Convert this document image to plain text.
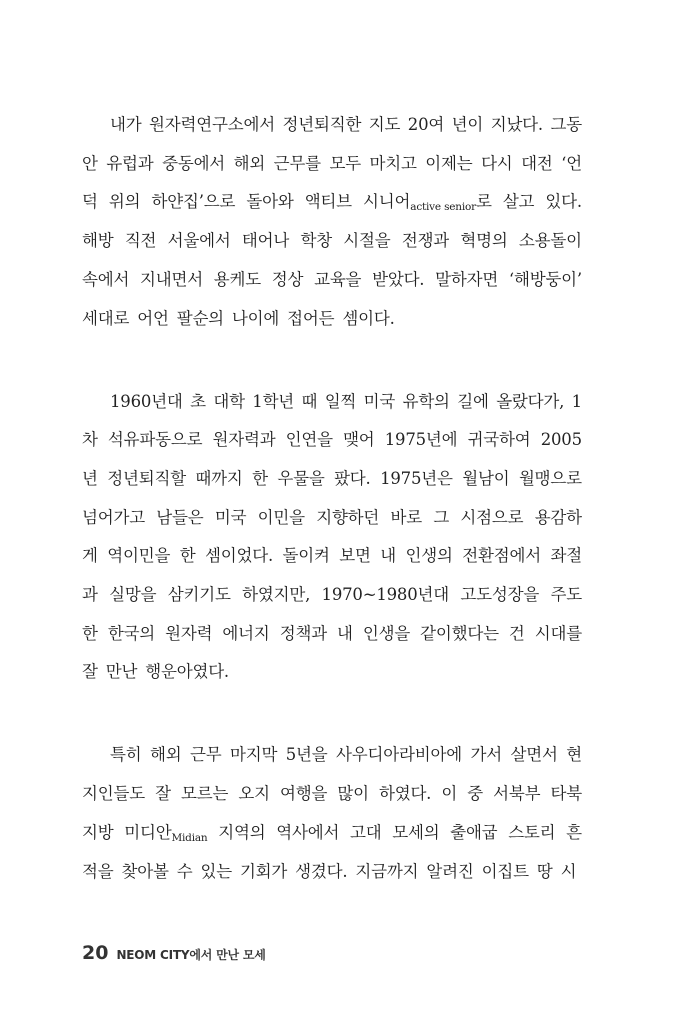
내가 원자력연구소에서 정년퇴직한 지도 20여 년이 지났다. 그동
안 유럽과 중동에서 해외 근무를 모두 마치고 이제는 다시 대전 ‘언
덕 위의 하얀집’으로 돌아와 액티브 시니어active senior로 살고 있다.
해방 직전 서울에서 태어나 학창 시절을 전쟁과 혁명의 소용돌이
속에서 지내면서 용케도 정상 교육을 받았다. 말하자면 ‘해방둥이’
세대로 어언 팔순의 나이에 접어든 셈이다.
1960년대 초 대학 1학년 때 일찍 미국 유학의 길에 올랐다가, 1
차 석유파동으로 원자력과 인연을 맺어 1975년에 귀국하여 2005
년 정년퇴직할 때까지 한 우물을 팠다. 1975년은 월남이 월맹으로
넘어가고 남들은 미국 이민을 지향하던 바로 그 시점으로 용감하
게 역이민을 한 셈이었다. 돌이켜 보면 내 인생의 전환점에서 좌절
과 실망을 삼키기도 하였지만, 1970~1980년대 고도성장을 주도
한 한국의 원자력 에너지 정책과 내 인생을 같이했다는 건 시대를
잘 만난 행운아였다.
특히 해외 근무 마지막 5년을 사우디아라비아에 가서 살면서 현
지인들도 잘 모르는 오지 여행을 많이 하였다. 이 중 서북부 타북
지방 미디안Midian 지역의 역사에서 고대 모세의 출애굽 스토리 흔
적을 찾아볼 수 있는 기회가 생겼다. 지금까지 알려진 이집트 땅 시
20 NEOM CITY에서 만난 모세
